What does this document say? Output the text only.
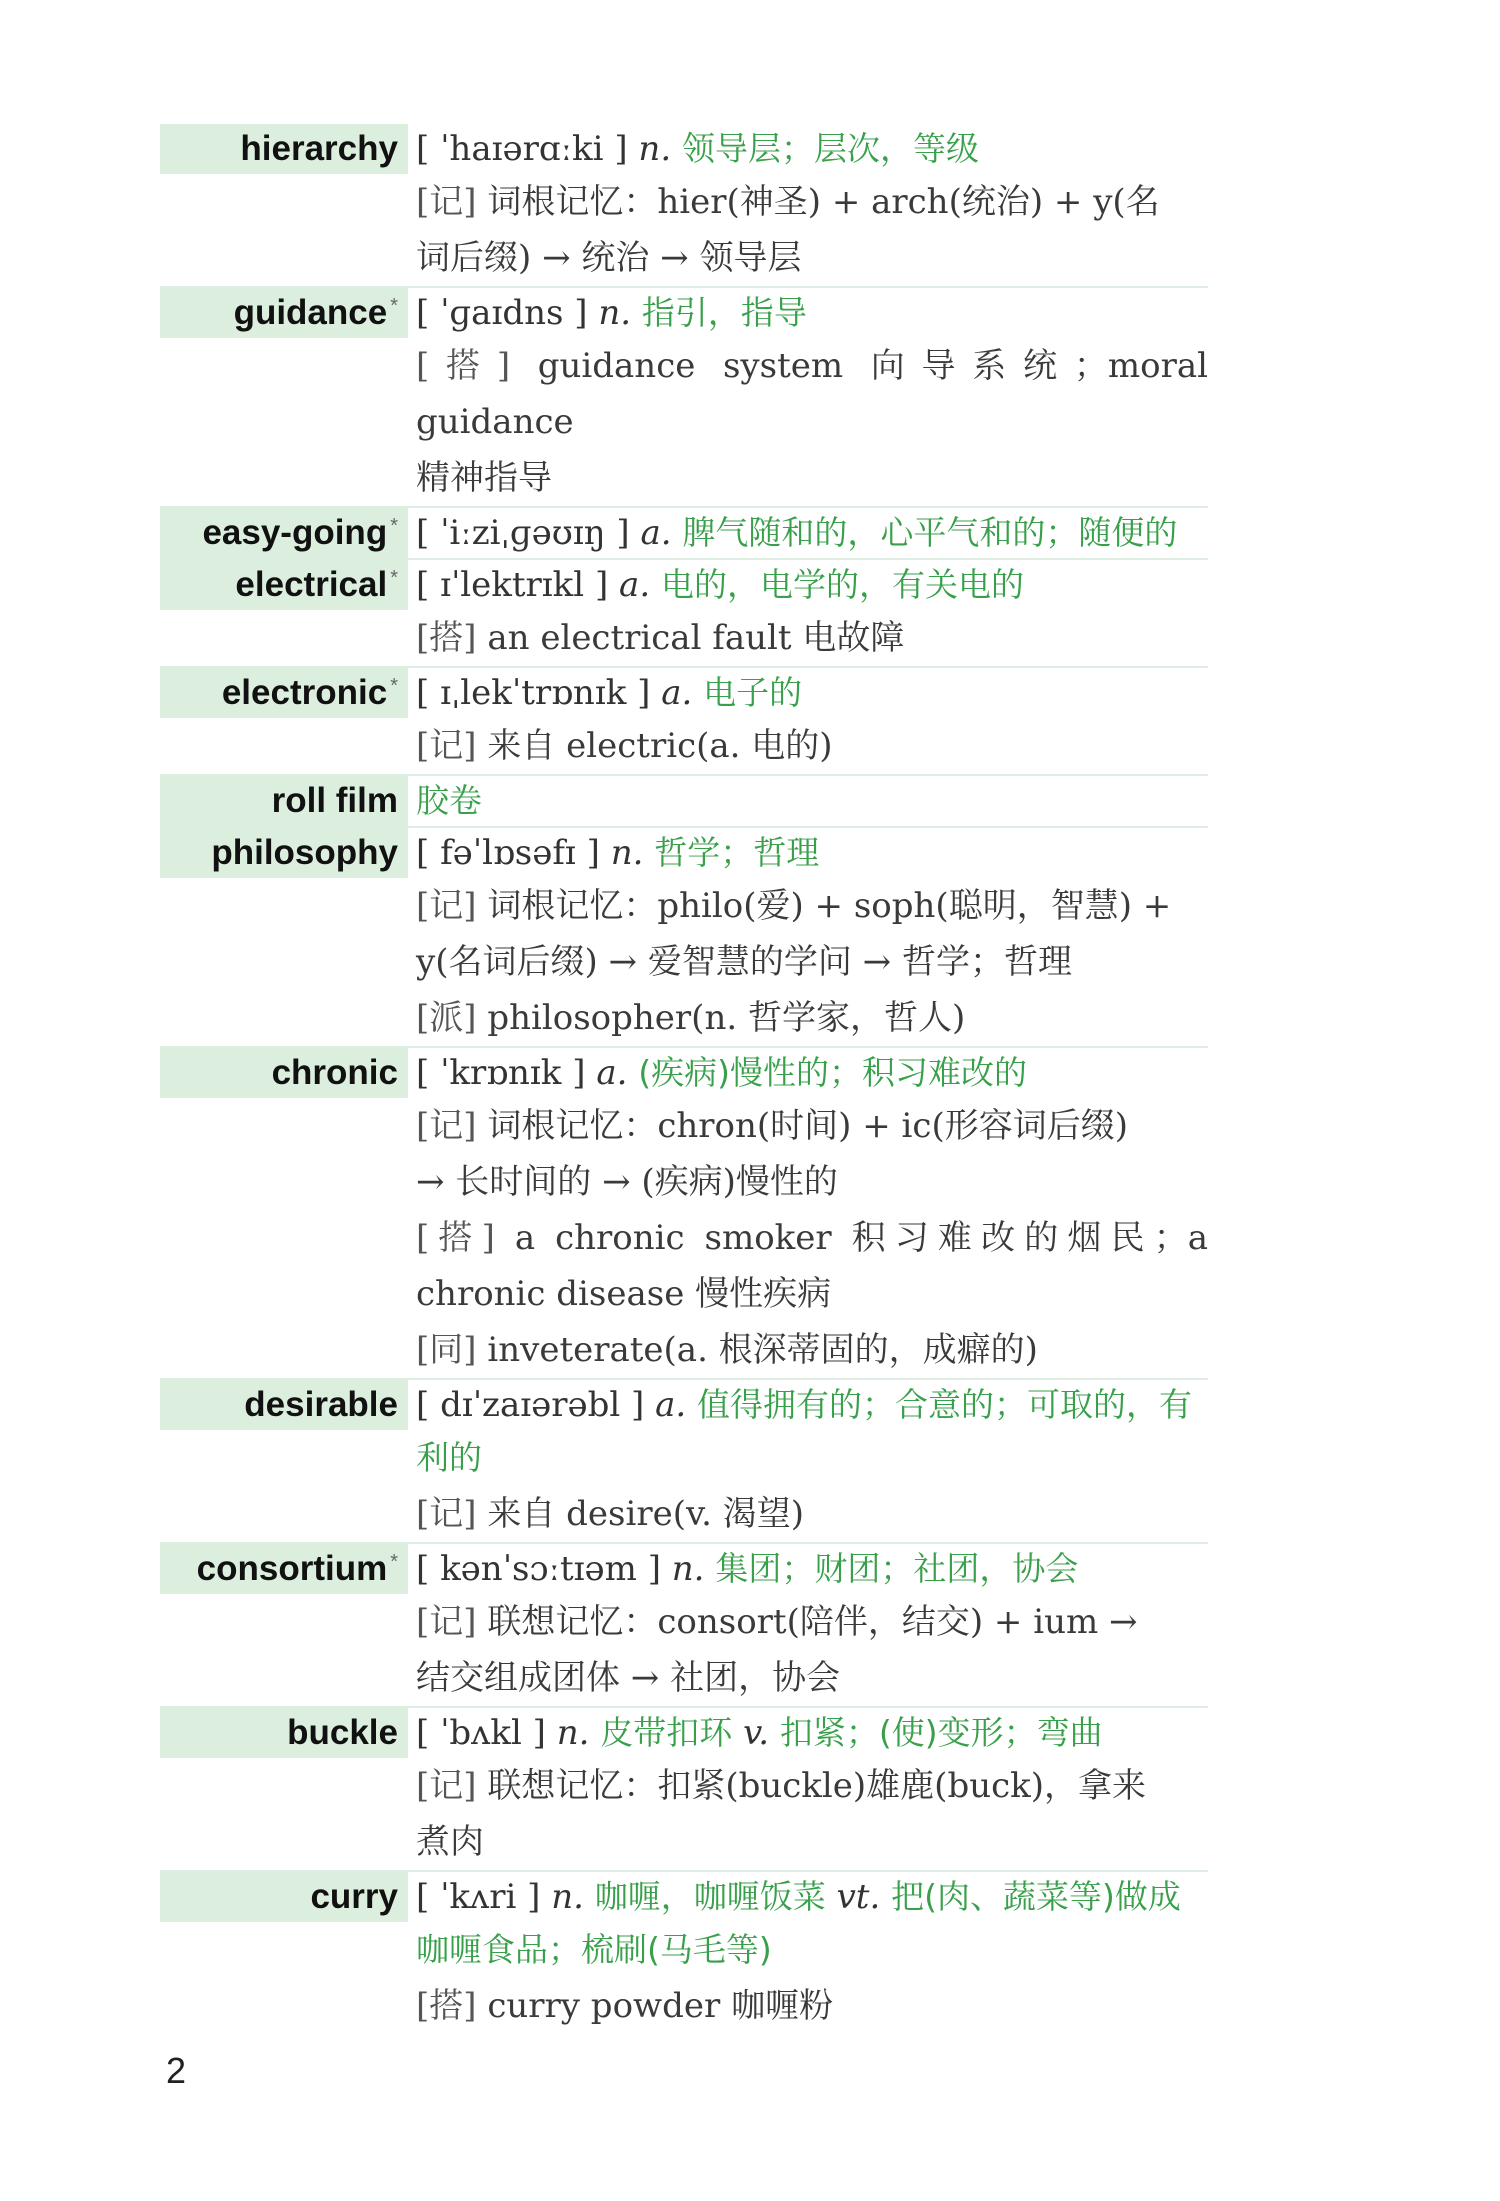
hierarchy [ ˈhaɪərɑːki ] n. 领导层；层次，等级
[记] 词根记忆：hier(神圣) + arch(统治) + y(名
词后缀) → 统治 → 领导层
guidance * [ ˈɡaɪdns ] n. 指引，指导
[搭] guidance system 向导系统；moral guidance
精神指导
easy-going * [ ˈiːziˌɡəʊɪŋ ] a. 脾气随和的，心平气和的；随便的
electrical * [ ɪˈlektrɪkl ] a. 电的，电学的，有关电的
[搭] an electrical fault 电故障
electronic * [ ɪˌlekˈtrɒnɪk ] a. 电子的
[记] 来自 electric(a. 电的)
roll film 胶卷
philosophy [ fəˈlɒsəfɪ ] n. 哲学；哲理
[记] 词根记忆：philo(爱) + soph(聪明，智慧) +
y(名词后缀) → 爱智慧的学问 → 哲学；哲理
[派] philosopher(n. 哲学家，哲人)
chronic [ ˈkrɒnɪk ] a. (疾病)慢性的；积习难改的
[记] 词根记忆：chron(时间) + ic(形容词后缀)
→ 长时间的 → (疾病)慢性的
[搭] a chronic smoker 积习难改的烟民；a
chronic disease 慢性疾病
[同] inveterate(a. 根深蒂固的，成癖的)
desirable [ dɪˈzaɪərəbl ] a. 值得拥有的；合意的；可取的，有
利的
[记] 来自 desire(v. 渴望)
consortium * [ kənˈsɔːtɪəm ] n. 集团；财团；社团，协会
[记] 联想记忆：consort(陪伴，结交) + ium →
结交组成团体 → 社团，协会
buckle [ ˈbʌkl ] n. 皮带扣环 v. 扣紧；(使)变形；弯曲
[记] 联想记忆：扣紧(buckle)雄鹿(buck)，拿来
煮肉
curry [ ˈkʌri ] n. 咖喱，咖喱饭菜 vt. 把(肉、蔬菜等)做成
咖喱食品；梳刷(马毛等)
[搭] curry powder 咖喱粉
2
